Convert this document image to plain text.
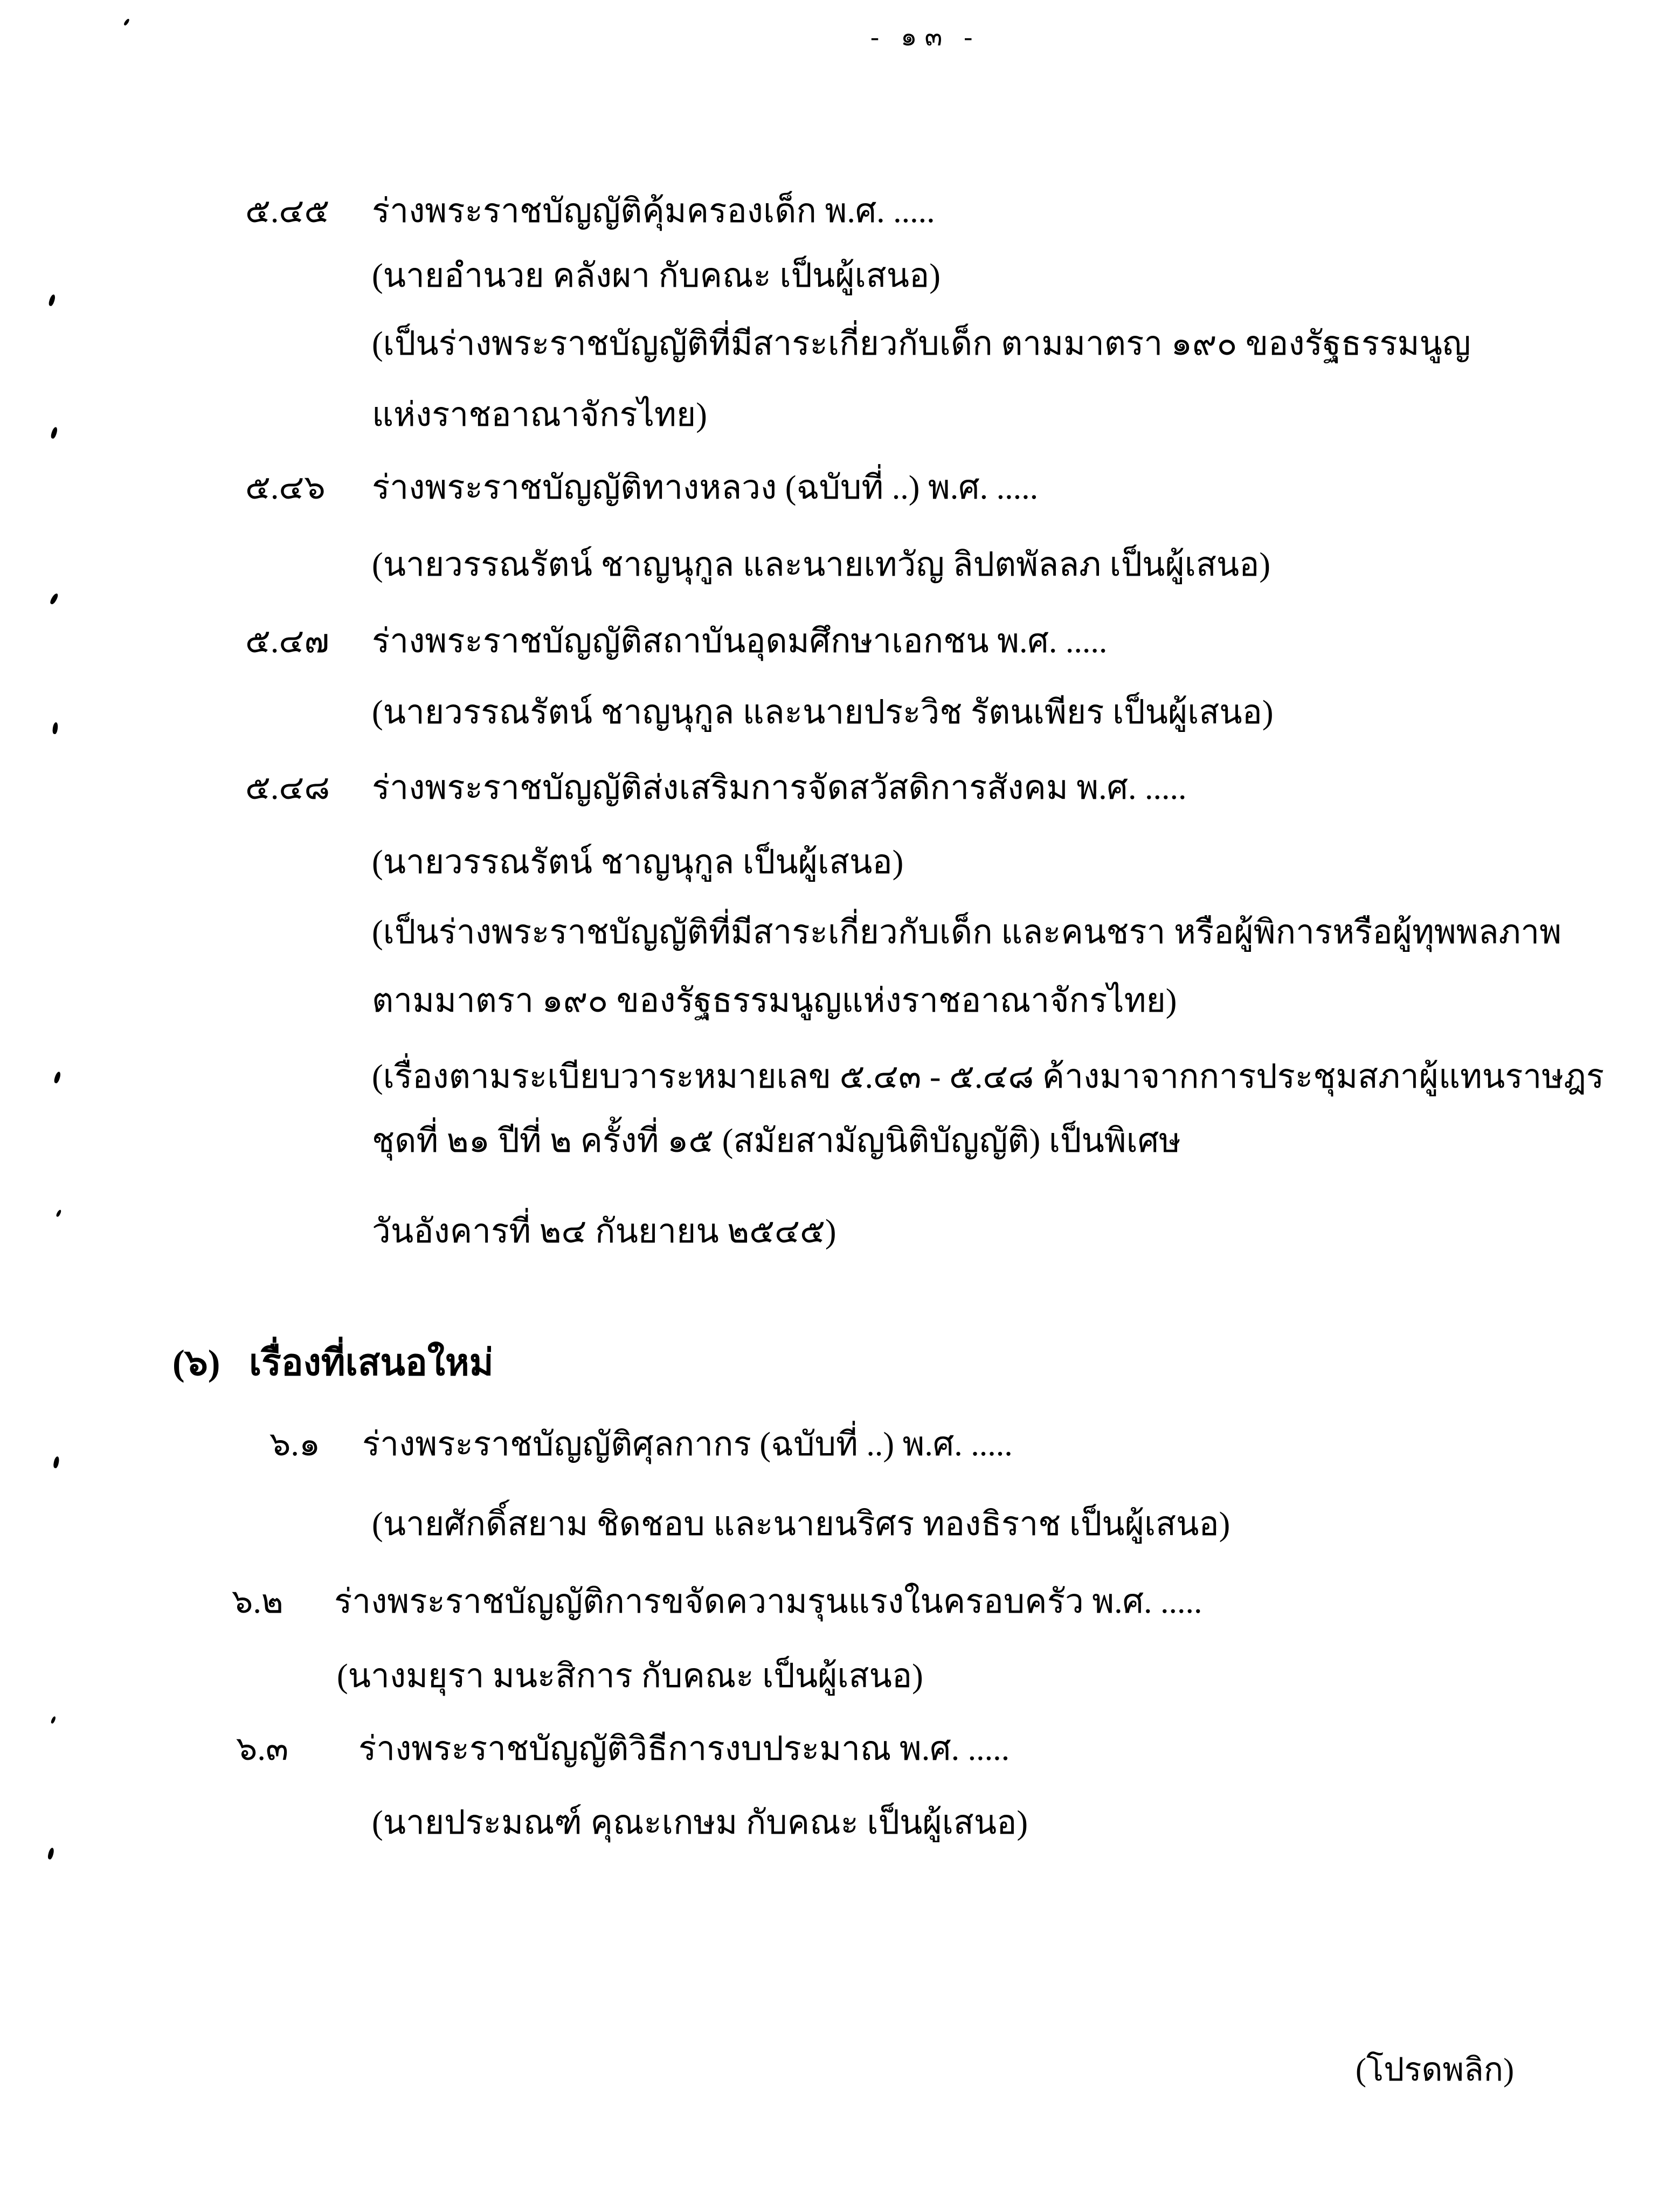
- ๑๓ -
๕.๔๕ ร่างพระราชบัญญัติคุ้มครองเด็ก พ.ศ. .....
(นายอำนวย คลังผา กับคณะ เป็นผู้เสนอ)
(เป็นร่างพระราชบัญญัติที่มีสาระเกี่ยวกับเด็ก ตามมาตรา ๑๙๐ ของรัฐธรรมนูญ
แห่งราชอาณาจักรไทย)
๕.๔๖ ร่างพระราชบัญญัติทางหลวง (ฉบับที่ ..) พ.ศ. .....
(นายวรรณรัตน์ ชาญนุกูล และนายเทวัญ ลิปตพัลลภ เป็นผู้เสนอ)
๕.๔๗ ร่างพระราชบัญญัติสถาบันอุดมศึกษาเอกชน พ.ศ. .....
(นายวรรณรัตน์ ชาญนุกูล และนายประวิช รัตนเพียร เป็นผู้เสนอ)
๕.๔๘ ร่างพระราชบัญญัติส่งเสริมการจัดสวัสดิการสังคม พ.ศ. .....
(นายวรรณรัตน์ ชาญนุกูล เป็นผู้เสนอ)
(เป็นร่างพระราชบัญญัติที่มีสาระเกี่ยวกับเด็ก และคนชรา หรือผู้พิการหรือผู้ทุพพลภาพ
ตามมาตรา ๑๙๐ ของรัฐธรรมนูญแห่งราชอาณาจักรไทย)
(เรื่องตามระเบียบวาระหมายเลข ๕.๔๓ - ๕.๔๘ ค้างมาจากการประชุมสภาผู้แทนราษฎร
ชุดที่ ๒๑ ปีที่ ๒ ครั้งที่ ๑๕ (สมัยสามัญนิติบัญญัติ) เป็นพิเศษ
วันอังคารที่ ๒๔ กันยายน ๒๕๔๕)
(๖) เรื่องที่เสนอใหม่
๖.๑ ร่างพระราชบัญญัติศุลกากร (ฉบับที่ ..) พ.ศ. .....
(นายศักดิ์สยาม ชิดชอบ และนายนริศร ทองธิราช เป็นผู้เสนอ)
๖.๒ ร่างพระราชบัญญัติการขจัดความรุนแรงในครอบครัว พ.ศ. .....
(นางมยุรา มนะสิการ กับคณะ เป็นผู้เสนอ)
๖.๓ ร่างพระราชบัญญัติวิธีการงบประมาณ พ.ศ. .....
(นายประมณฑ์ คุณะเกษม กับคณะ เป็นผู้เสนอ)
(โปรดพลิก)
